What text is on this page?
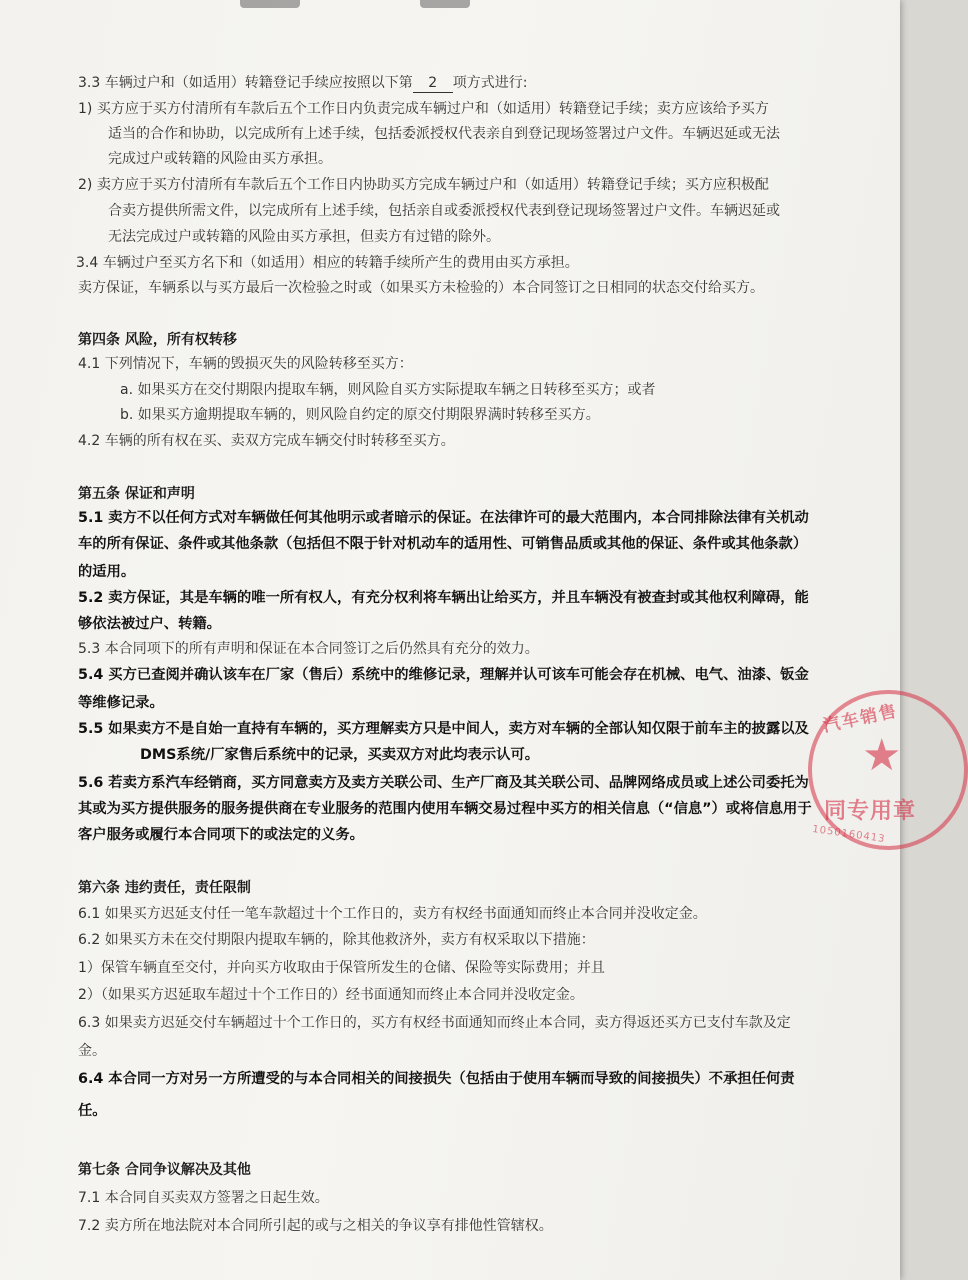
3.3 车辆过户和（如适用）转籍登记手续应按照以下第 2 项方式进行:
1) 买方应于买方付清所有车款后五个工作日内负责完成车辆过户和（如适用）转籍登记手续；卖方应该给予买方
适当的合作和协助，以完成所有上述手续，包括委派授权代表亲自到登记现场签署过户文件。车辆迟延或无法
完成过户或转籍的风险由买方承担。
2) 卖方应于买方付清所有车款后五个工作日内协助买方完成车辆过户和（如适用）转籍登记手续；买方应积极配
合卖方提供所需文件，以完成所有上述手续，包括亲自或委派授权代表到登记现场签署过户文件。车辆迟延或
无法完成过户或转籍的风险由买方承担，但卖方有过错的除外。
3.4 车辆过户至买方名下和（如适用）相应的转籍手续所产生的费用由买方承担。
卖方保证，车辆系以与买方最后一次检验之时或（如果买方未检验的）本合同签订之日相同的状态交付给买方。
第四条 风险，所有权转移
4.1 下列情况下，车辆的毁损灭失的风险转移至买方：
a. 如果买方在交付期限内提取车辆，则风险自买方实际提取车辆之日转移至买方；或者
b. 如果买方逾期提取车辆的，则风险自约定的原交付期限界满时转移至买方。
4.2 车辆的所有权在买、卖双方完成车辆交付时转移至买方。
第五条 保证和声明
5.1 卖方不以任何方式对车辆做任何其他明示或者暗示的保证。在法律许可的最大范围内，本合同排除法律有关机动
车的所有保证、条件或其他条款（包括但不限于针对机动车的适用性、可销售品质或其他的保证、条件或其他条款）
的适用。
5.2 卖方保证，其是车辆的唯一所有权人，有充分权利将车辆出让给买方，并且车辆没有被查封或其他权利障碍，能
够依法被过户、转籍。
5.3 本合同项下的所有声明和保证在本合同签订之后仍然具有充分的效力。
5.4 买方已查阅并确认该车在厂家（售后）系统中的维修记录，理解并认可该车可能会存在机械、电气、油漆、钣金
等维修记录。
5.5 如果卖方不是自始一直持有车辆的，买方理解卖方只是中间人，卖方对车辆的全部认知仅限于前车主的披露以及
DMS系统/厂家售后系统中的记录，买卖双方对此均表示认可。
5.6 若卖方系汽车经销商，买方同意卖方及卖方关联公司、生产厂商及其关联公司、品牌网络成员或上述公司委托为
其或为买方提供服务的服务提供商在专业服务的范围内使用车辆交易过程中买方的相关信息（“信息”）或将信息用于
客户服务或履行本合同项下的或法定的义务。
第六条 违约责任，责任限制
6.1 如果买方迟延支付任一笔车款超过十个工作日的，卖方有权经书面通知而终止本合同并没收定金。
6.2 如果买方未在交付期限内提取车辆的，除其他救济外，卖方有权采取以下措施：
1）保管车辆直至交付，并向买方收取由于保管所发生的仓储、保险等实际费用；并且
2）（如果买方迟延取车超过十个工作日的）经书面通知而终止本合同并没收定金。
6.3 如果卖方迟延交付车辆超过十个工作日的，买方有权经书面通知而终止本合同，卖方得返还买方已支付车款及定
金。
6.4 本合同一方对另一方所遭受的与本合同相关的间接损失（包括由于使用车辆而导致的间接损失）不承担任何责
任。
第七条 合同争议解决及其他
7.1 本合同自买卖双方签署之日起生效。
7.2 卖方所在地法院对本合同所引起的或与之相关的争议享有排他性管辖权。
汽车销售
★
同专用章
1050160413
